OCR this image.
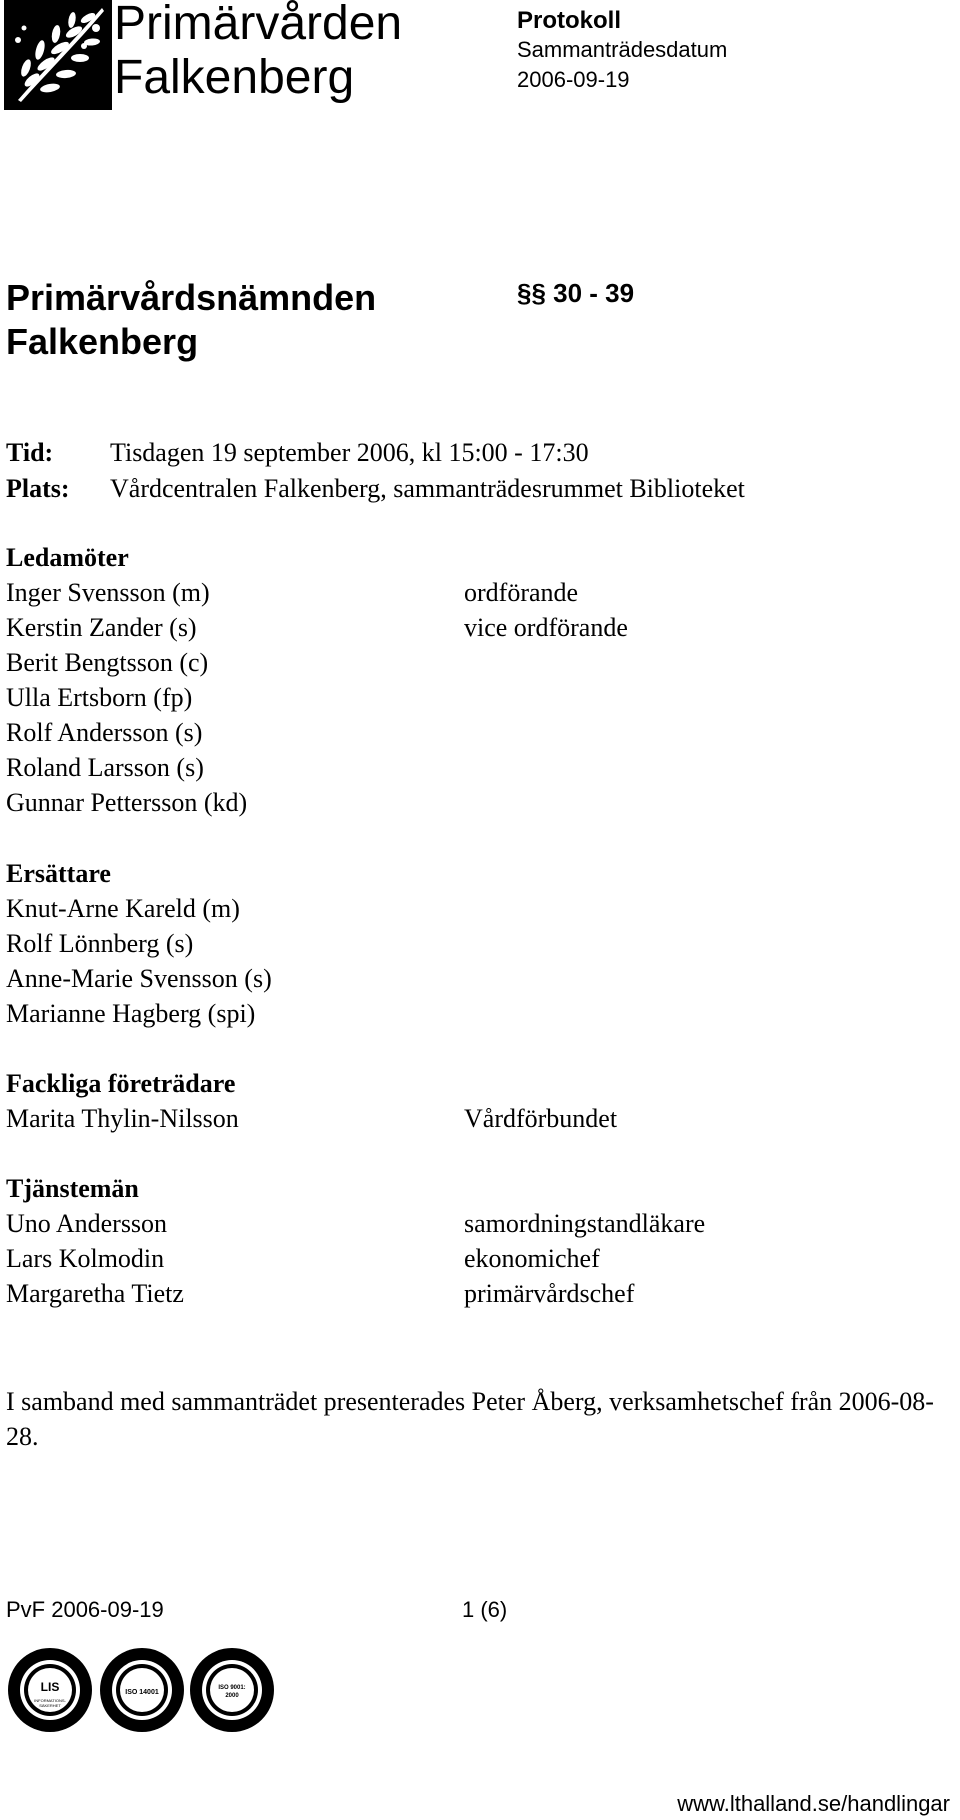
Primärvården
Falkenberg
Protokoll
Sammanträdesdatum
2006-09-19
Primärvårdsnämnden
Falkenberg
§§ 30 - 39
Tid: Tisdagen 19 september 2006, kl 15:00 - 17:30
Plats: Vårdcentralen Falkenberg, sammanträdesrummet Biblioteket
Ledamöter
Inger Svensson (m)	ordförande
Kerstin Zander (s)	vice ordförande
Berit Bengtsson (c)
Ulla Ertsborn (fp)
Rolf Andersson (s)
Roland Larsson (s)
Gunnar Pettersson (kd)
Ersättare
Knut-Arne Kareld (m)
Rolf Lönnberg (s)
Anne-Marie Svensson (s)
Marianne Hagberg (spi)
Fackliga företrädare
Marita Thylin-Nilsson	Vårdförbundet
Tjänstemän
Uno Andersson	samordningstandläkare
Lars Kolmodin	ekonomichef
Margaretha Tietz	primärvårdschef
I samband med sammanträdet presenterades Peter Åberg, verksamhetschef från 2006-08-28.
PvF 2006-09-19	1 (6)
LIS
INFORMATIONS-
SÄKERHET
ISO 14001
ISO 9001:
2000
www.lthalland.se/handlingar
